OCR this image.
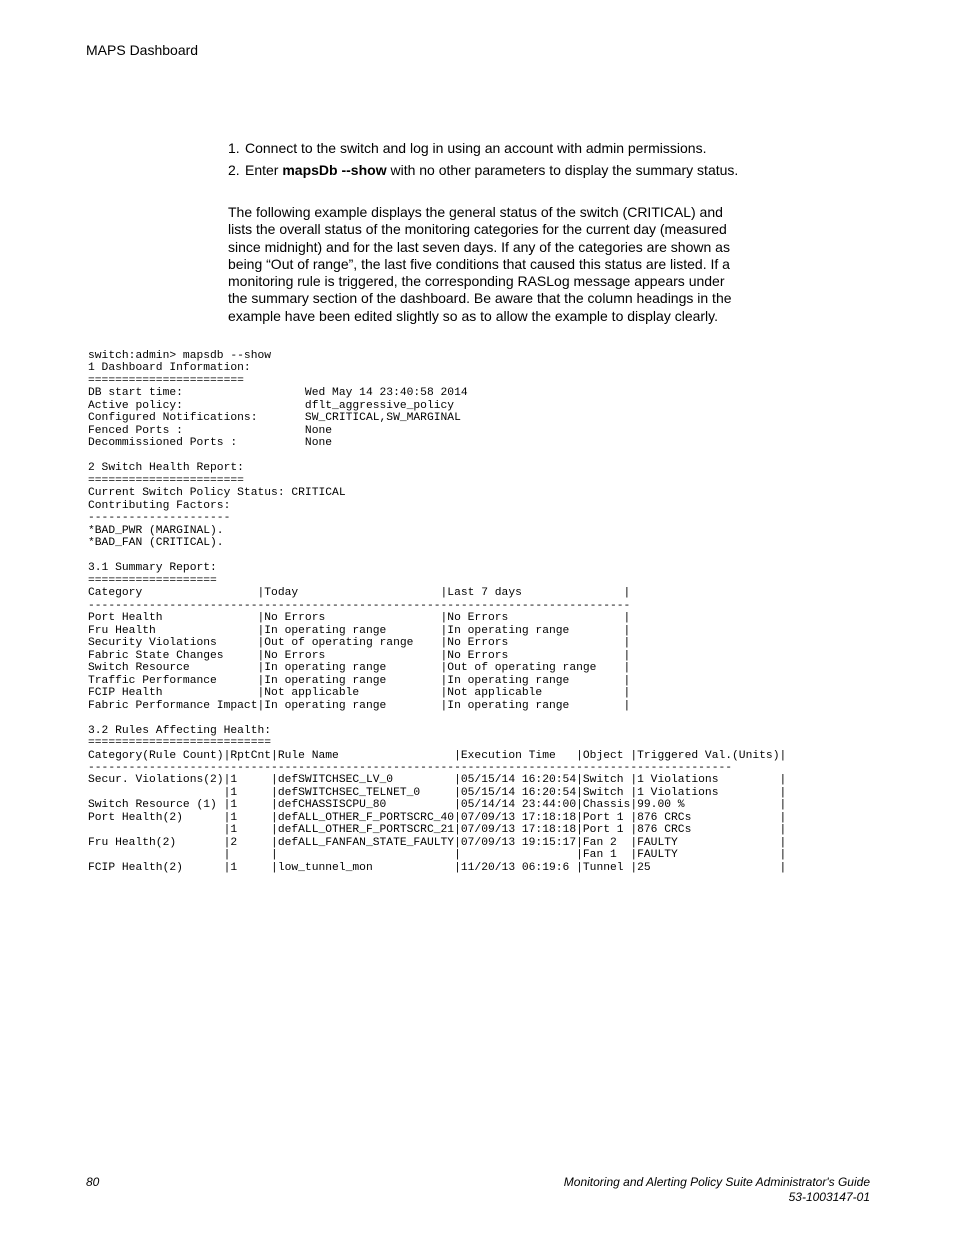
MAPS Dashboard
1. Connect to the switch and log in using an account with admin permissions.
2. Enter mapsDb --show with no other parameters to display the summary status.

The following example displays the general status of the switch (CRITICAL) and lists the overall status of the monitoring categories for the current day (measured since midnight) and for the last seven days. If any of the categories are shown as being “Out of range”, the last five conditions that caused this status are listed. If a monitoring rule is triggered, the corresponding RASLog message appears under the summary section of the dashboard. Be aware that the column headings in the example have been edited slightly so as to allow the example to display clearly.

switch:admin> mapsdb --show
1 Dashboard Information:
=======================
DB start time:                  Wed May 14 23:40:58 2014
Active policy:                  dflt_aggressive_policy
Configured Notifications:       SW_CRITICAL,SW_MARGINAL
Fenced Ports :                  None
Decommissioned Ports :          None

2 Switch Health Report:
=======================
Current Switch Policy Status: CRITICAL
Contributing Factors:
---------------------
*BAD_PWR (MARGINAL).
*BAD_FAN (CRITICAL).

3.1 Summary Report:
===================
Category                 |Today                     |Last 7 days               |
--------------------------------------------------------------------------------
Port Health              |No Errors                 |No Errors                 |
Fru Health               |In operating range        |In operating range        |
Security Violations      |Out of operating range    |No Errors                 |
Fabric State Changes     |No Errors                 |No Errors                 |
Switch Resource          |In operating range        |Out of operating range    |
Traffic Performance      |In operating range        |In operating range        |
FCIP Health              |Not applicable            |Not applicable            |
Fabric Performance Impact|In operating range        |In operating range        |

3.2 Rules Affecting Health:
===========================
Category(Rule Count)|RptCnt|Rule Name                 |Execution Time   |Object |Triggered Val.(Units)|
-----------------------------------------------------------------------------------------------
Secur. Violations(2)|1     |defSWITCHSEC_LV_0         |05/15/14 16:20:54|Switch |1 Violations         |
|1     |defSWITCHSEC_TELNET_0     |05/15/14 16:20:54|Switch |1 Violations         |
Switch Resource (1) |1     |defCHASSISCPU_80          |05/14/14 23:44:00|Chassis|99.00 %              |
Port Health(2)      |1     |defALL_OTHER_F_PORTSCRC_40|07/09/13 17:18:18|Port 1 |876 CRCs             |
|1     |defALL_OTHER_F_PORTSCRC_21|07/09/13 17:18:18|Port 1 |876 CRCs             |
Fru Health(2)       |2     |defALL_FANFAN_STATE_FAULTY|07/09/13 19:15:17|Fan 2  |FAULTY               |
|      |                          |                 |Fan 1  |FAULTY               |
FCIP Health(2)      |1     |low_tunnel_mon            |11/20/13 06:19:6 |Tunnel |25                   |
80	Monitoring and Alerting Policy Suite Administrator's Guide
53-1003147-01
